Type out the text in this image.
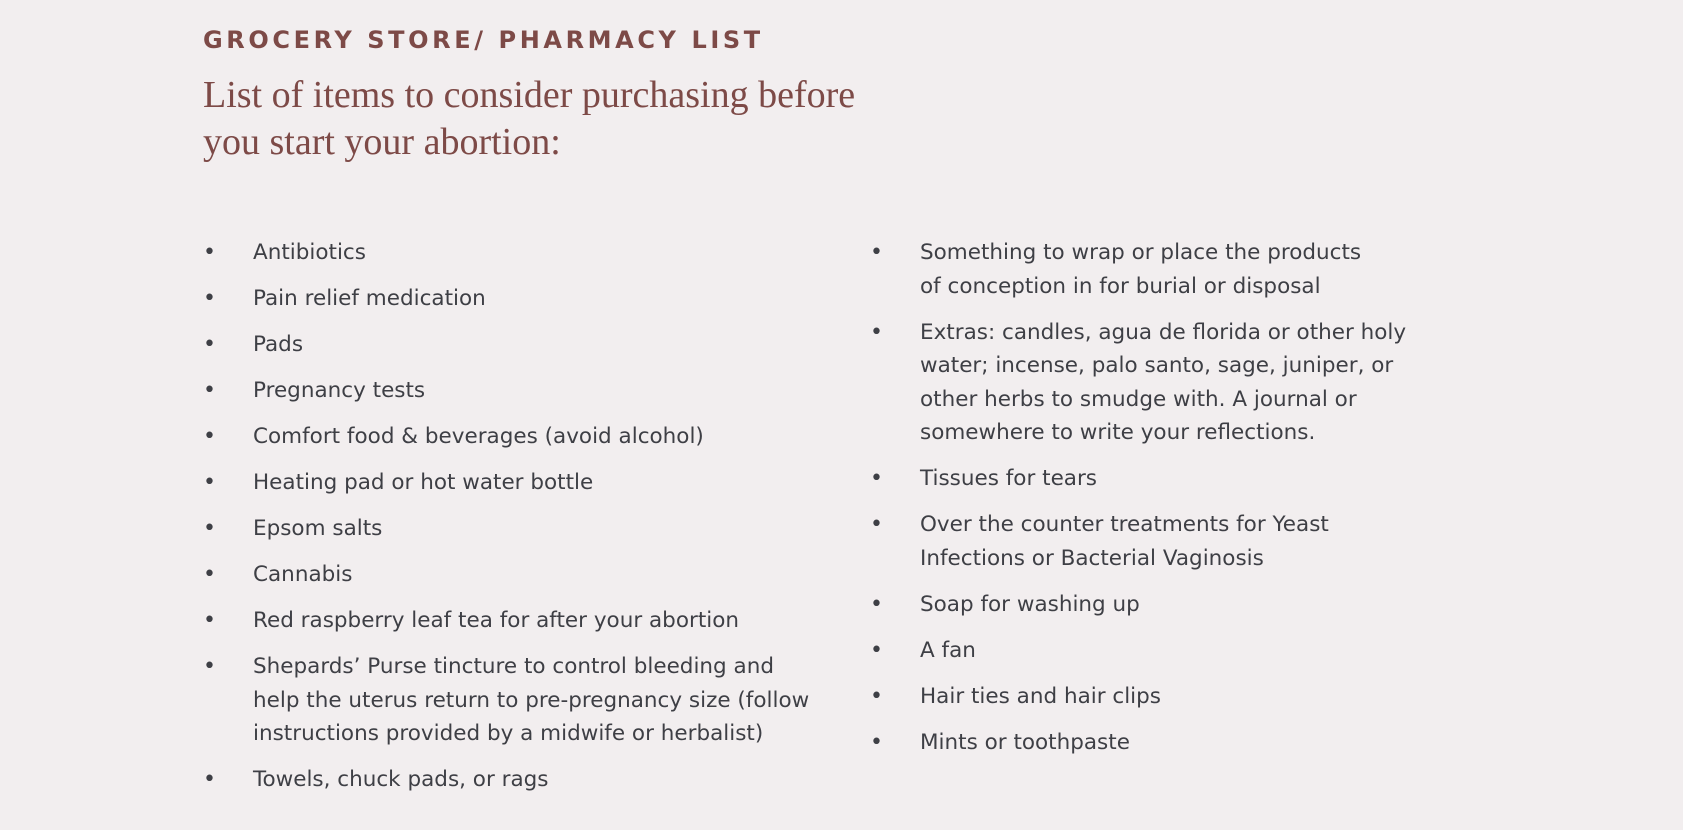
GROCERY STORE/ PHARMACY LIST
List of items to consider purchasing before
you start your abortion:
•	Antibiotics
•	Pain relief medication
•	Pads
•	Pregnancy tests
•	Comfort food & beverages (avoid alcohol)
•	Heating pad or hot water bottle
•	Epsom salts
•	Cannabis
•	Red raspberry leaf tea for after your abortion
•	Shepards’ Purse tincture to control bleeding and
help the uterus return to pre-pregnancy size (follow
instructions provided by a midwife or herbalist)
•	Towels, chuck pads, or rags
•	Something to wrap or place the products
of conception in for burial or disposal
•	Extras: candles, agua de florida or other holy
water; incense, palo santo, sage, juniper, or
other herbs to smudge with. A journal or
somewhere to write your reflections.
•	Tissues for tears
•	Over the counter treatments for Yeast
Infections or Bacterial Vaginosis
•	Soap for washing up
•	A fan
•	Hair ties and hair clips
•	Mints or toothpaste
